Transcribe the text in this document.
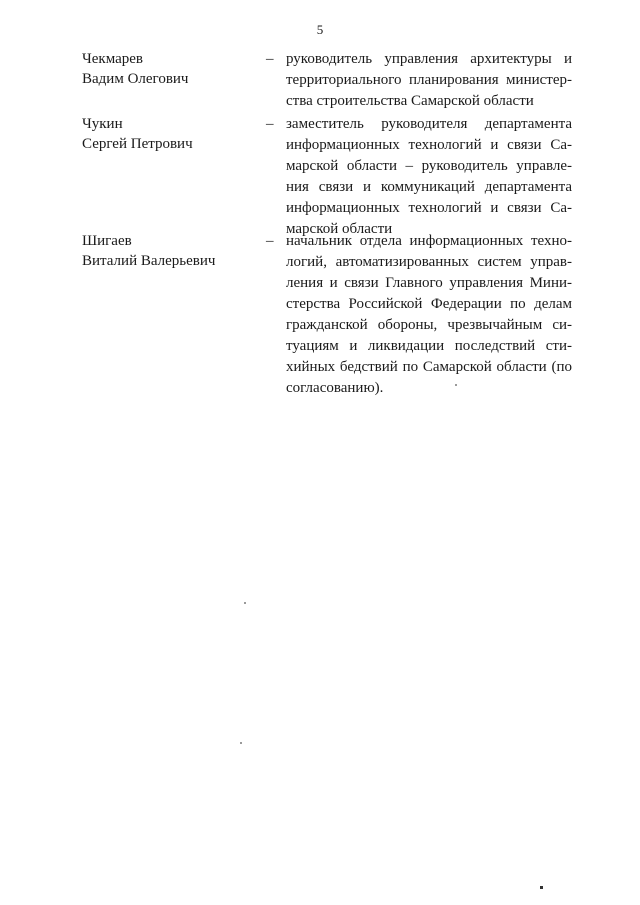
5
Чекмарев
Вадим Олегович
– руководитель управления архитектуры и
территориального планирования министер-
ства строительства Самарской области
Чукин
Сергей Петрович
– заместитель руководителя департамента
информационных технологий и связи Са-
марской области – руководитель управле-
ния связи и коммуникаций департамента
информационных технологий и связи Са-
марской области
Шигаев
Виталий Валерьевич
– начальник отдела информационных техно-
логий, автоматизированных систем управ-
ления и связи Главного управления Мини-
стерства Российской Федерации по делам
гражданской обороны, чрезвычайным си-
туациям и ликвидации последствий сти-
хийных бедствий по Самарской области (по
согласованию).
